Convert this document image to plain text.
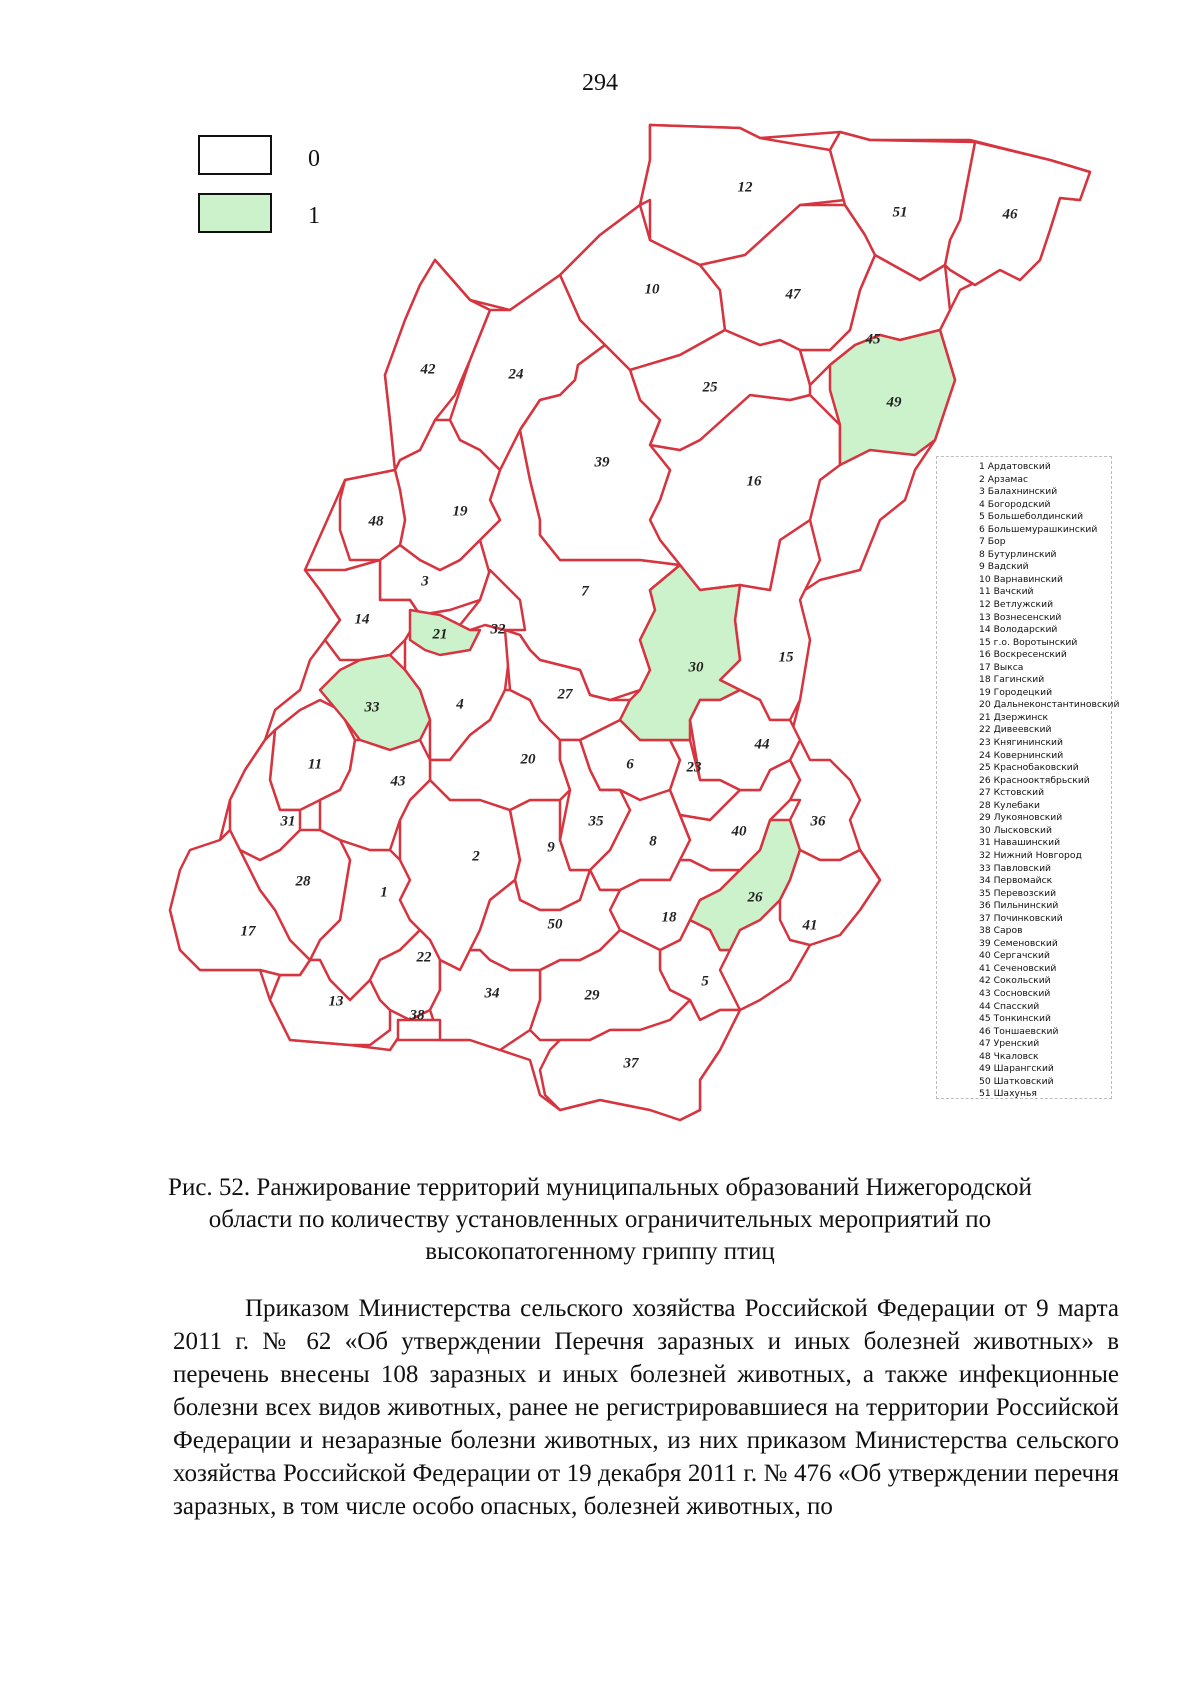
294
0
1
1
2
3
4
5
6
7
8
9
10
11
12
13
14
15
16
17
18
19
20
21
22
23
24
25
26
27
28
29
30
31
32
33
34
35	36
37
38
39
40
41
42
43
44
45
46
47
48
49
50
51
1 Ардатовский
2 Арзамас
3 Балахнинский
4 Богородский
5 Большеболдинский
6 Большемурашкинский
7 Бор
8 Бутурлинский
9 Вадский
10 Варнавинский
11 Вачский
12 Ветлужский
13 Вознесенский
14 Володарский
15 г.о. Воротынский
16 Воскресенский
17 Выкса
18 Гагинский
19 Городецкий
20 Дальнеконстантиновский
21 Дзержинск
22 Дивеевский
23 Княгининский
24 Ковернинский
25 Краснобаковский
26 Краснооктябрьский
27 Кстовский
28 Кулебаки
29 Лукояновский
30 Лысковский
31 Навашинский
32 Нижний Новгород
33 Павловский
34 Первомайск
35 Перевозский
36 Пильнинский
37 Починковский
38 Саров
39 Семеновский
40 Сергачский
41 Сеченовский
42 Сокольский
43 Сосновский
44 Спасский
45 Тонкинский
46 Тоншаевский
47 Уренский
48 Чкаловск
49 Шарангский
50 Шатковский
51 Шахунья
Рис. 52. Ранжирование территорий муниципальных образований Нижегородской области по количеству установленных ограничительных мероприятий по высокопатогенному гриппу птиц
Приказом Министерства сельского хозяйства Российской Федерации от 9 марта 2011 г. № 62 «Об утверждении Перечня заразных и иных болезней животных» в перечень внесены 108 заразных и иных болезней животных, а также инфекционные болезни всех видов животных, ранее не регистрировавшиеся на территории Российской Федерации и незаразные болезни животных, из них приказом Министерства сельского хозяйства Российской Федерации от 19 декабря 2011 г. № 476 «Об утверждении перечня заразных, в том числе особо опасных, болезней животных, по
